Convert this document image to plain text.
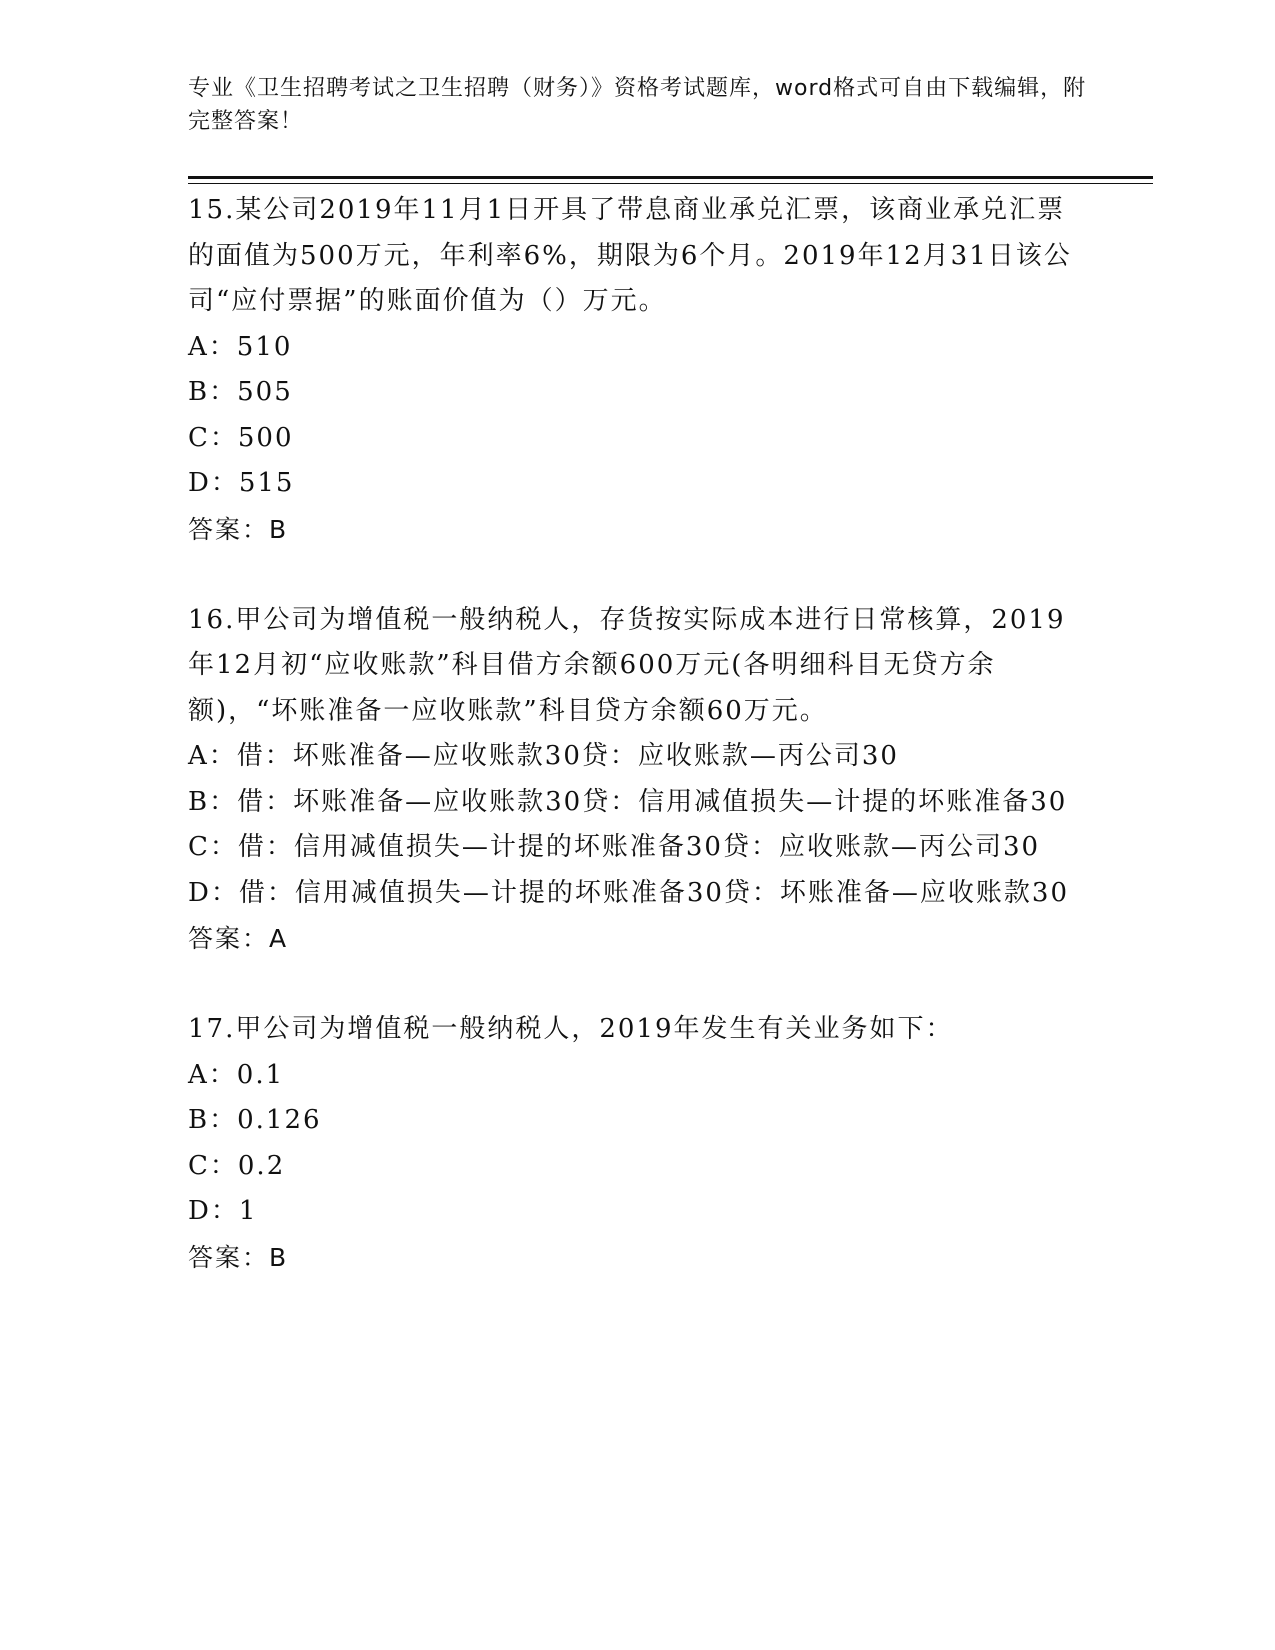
专业《卫生招聘考试之卫生招聘（财务）》资格考试题库，word格式可自由下载编辑，附完整答案！
15.某公司2019年11月1日开具了带息商业承兑汇票，该商业承兑汇票的面值为500万元，年利率6%，期限为6个月。2019年12月31日该公司“应付票据”的账面价值为（）万元。
A：510
B：505
C：500
D：515
答案：B
16.甲公司为增值税一般纳税人，存货按实际成本进行日常核算，2019年12月初“应收账款”科目借方余额600万元(各明细科目无贷方余额)，“坏账准备一应收账款”科目贷方余额60万元。
A：借：坏账准备—应收账款30贷：应收账款—丙公司30
B：借：坏账准备—应收账款30贷：信用减值损失—计提的坏账准备30
C：借：信用减值损失—计提的坏账准备30贷：应收账款—丙公司30
D：借：信用减值损失—计提的坏账准备30贷：坏账准备—应收账款30
答案：A
17.甲公司为增值税一般纳税人，2019年发生有关业务如下：
A：0.1
B：0.126
C：0.2
D：1
答案：B
